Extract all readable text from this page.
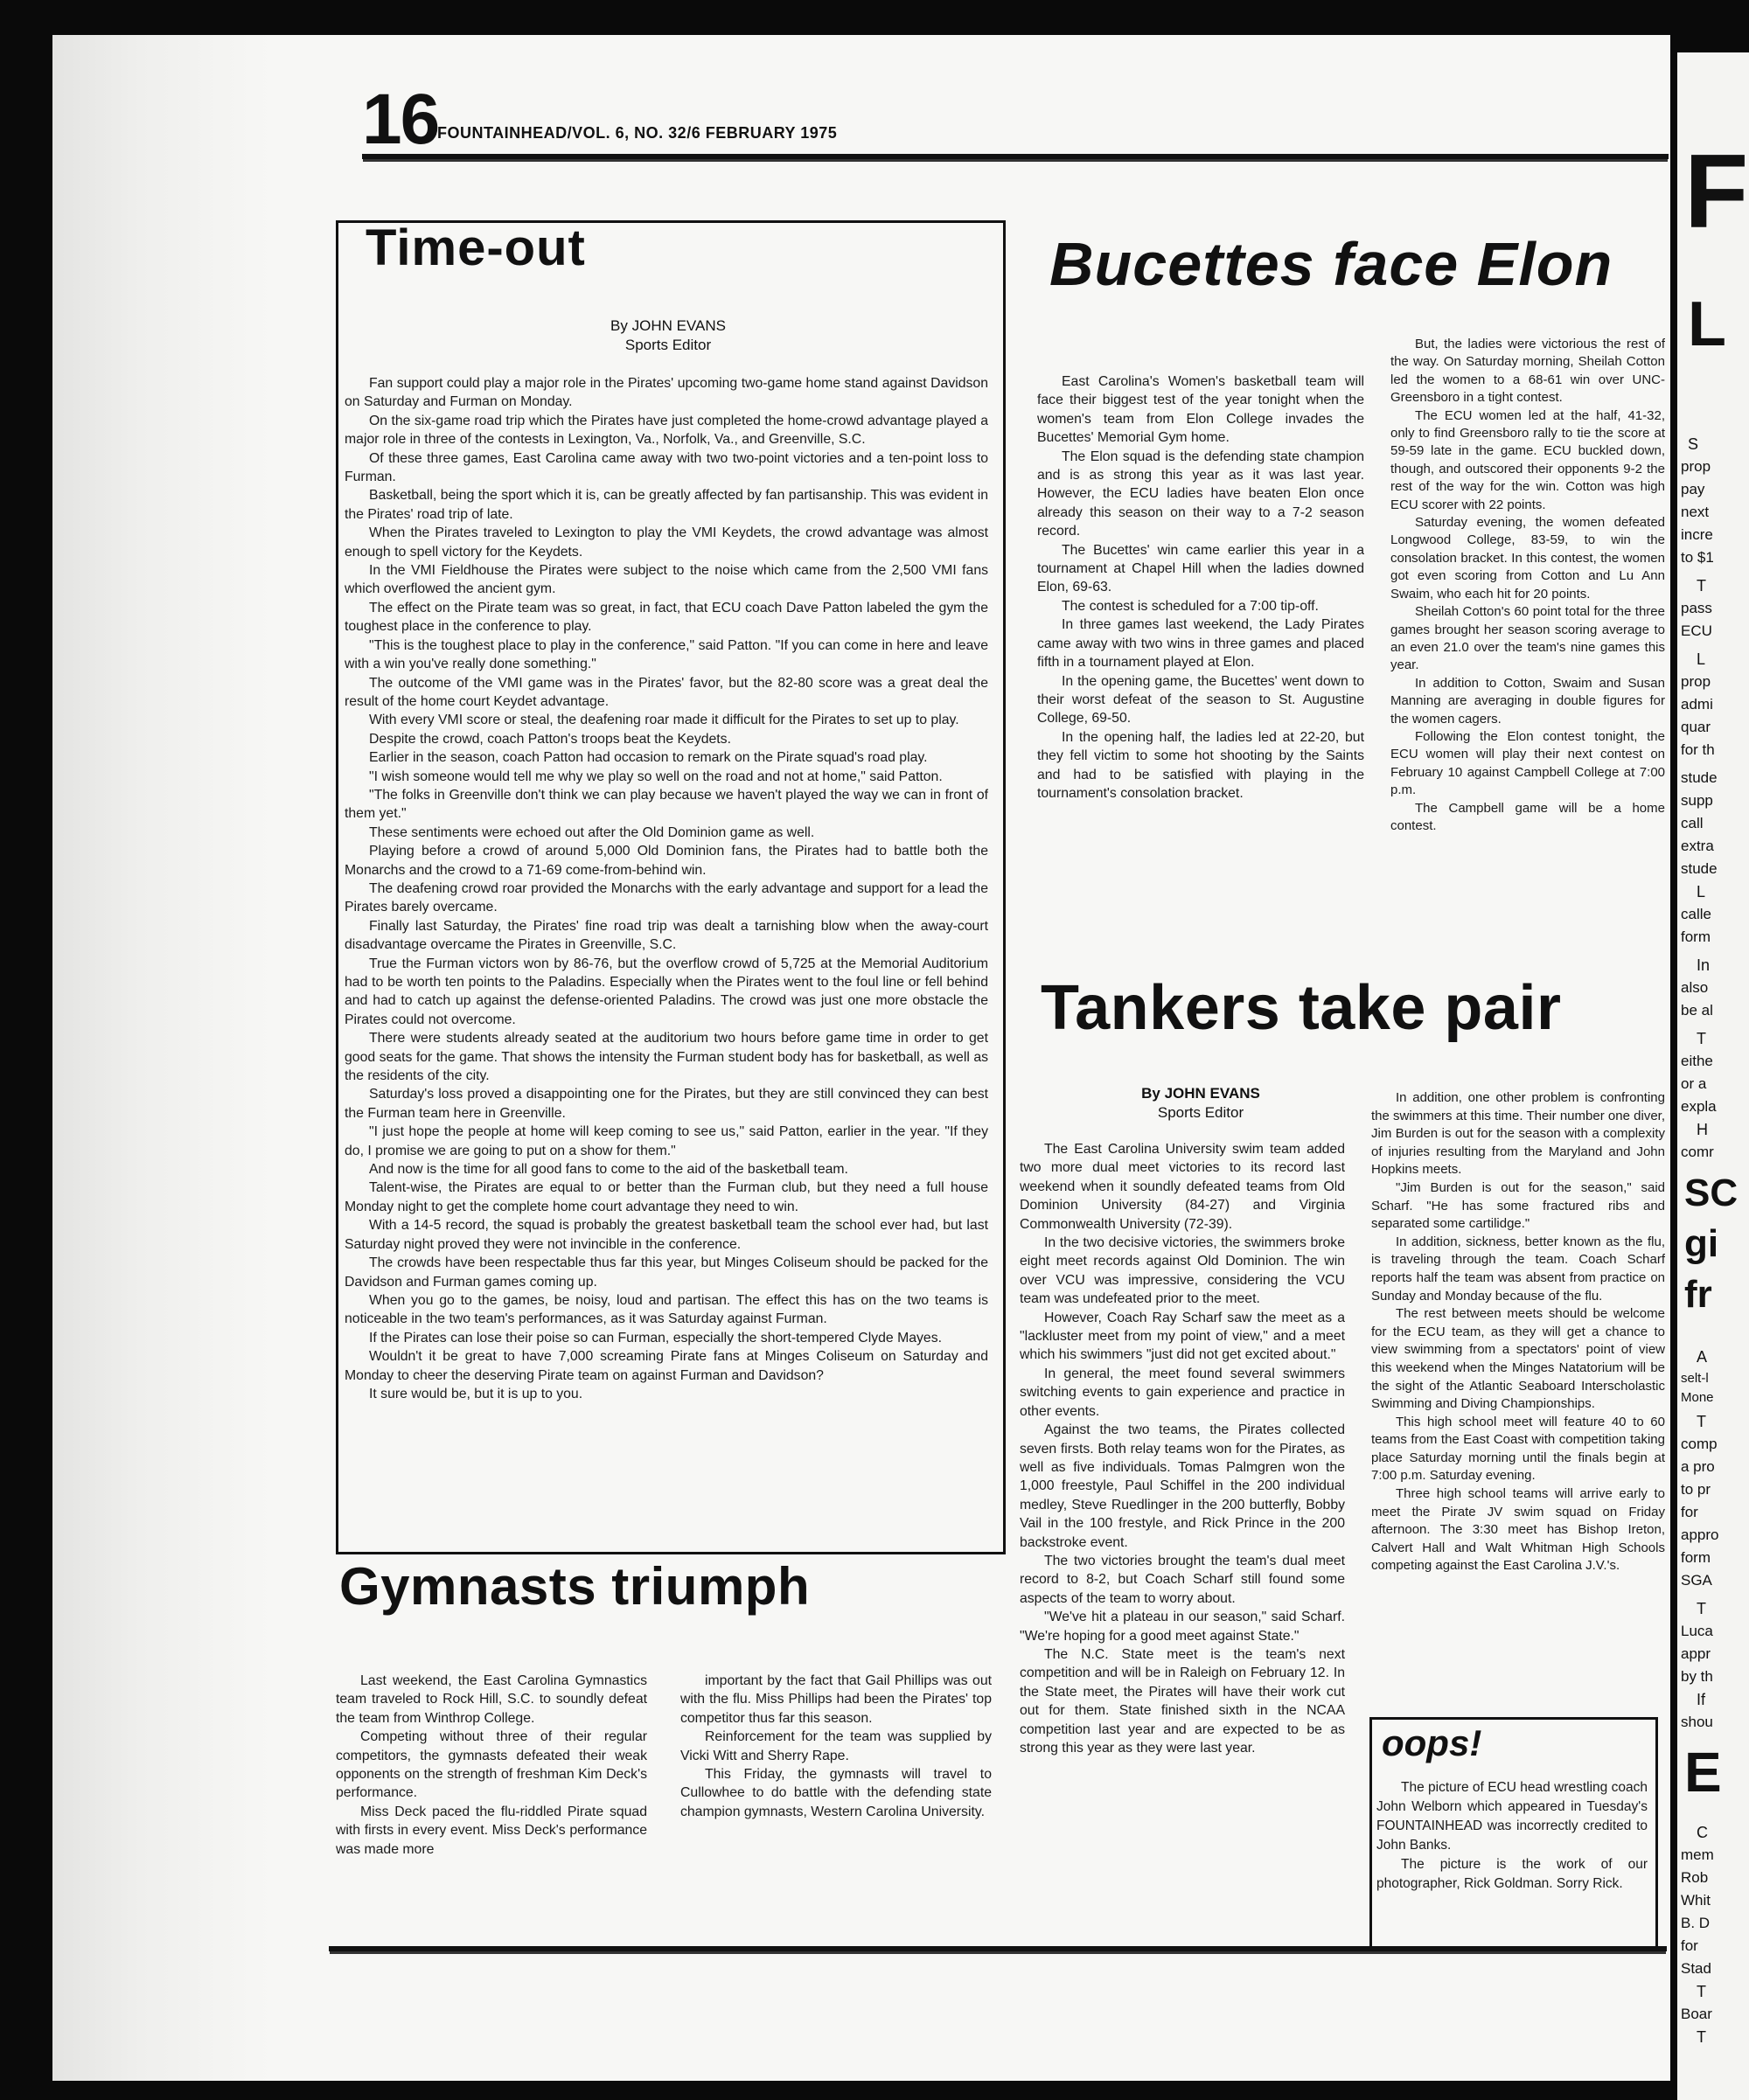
16
FOUNTAINHEAD/VOL. 6, NO. 32/6 FEBRUARY 1975
Time-out
By JOHN EVANS
Sports Editor

Fan support could play a major role in the Pirates' upcoming two-game home stand against Davidson on Saturday and Furman on Monday.

On the six-game road trip which the Pirates have just completed the home-crowd advantage played a major role in three of the contests in Lexington, Va., Norfolk, Va., and Greenville, S.C.

Of these three games, East Carolina came away with two two-point victories and a ten-point loss to Furman.

Basketball, being the sport which it is, can be greatly affected by fan partisanship. This was evident in the Pirates' road trip of late.

When the Pirates traveled to Lexington to play the VMI Keydets, the crowd advantage was almost enough to spell victory for the Keydets.

In the VMI Fieldhouse the Pirates were subject to the noise which came from the 2,500 VMI fans which overflowed the ancient gym.

The effect on the Pirate team was so great, in fact, that ECU coach Dave Patton labeled the gym the toughest place in the conference to play.

"This is the toughest place to play in the conference," said Patton. "If you can come in here and leave with a win you've really done something."

The outcome of the VMI game was in the Pirates' favor, but the 82-80 score was a great deal the result of the home court Keydet advantage.

With every VMI score or steal, the deafening roar made it difficult for the Pirates to set up to play.

Despite the crowd, coach Patton's troops beat the Keydets.

Earlier in the season, coach Patton had occasion to remark on the Pirate squad's road play.

"I wish someone would tell me why we play so well on the road and not at home," said Patton.

"The folks in Greenville don't think we can play because we haven't played the way we can in front of them yet."

These sentiments were echoed out after the Old Dominion game as well.

Playing before a crowd of around 5,000 Old Dominion fans, the Pirates had to battle both the Monarchs and the crowd to a 71-69 come-from-behind win.

The deafening crowd roar provided the Monarchs with the early advantage and support for a lead the Pirates barely overcame.

Finally last Saturday, the Pirates' fine road trip was dealt a tarnishing blow when the away-court disadvantage overcame the Pirates in Greenville, S.C.

True the Furman victors won by 86-76, but the overflow crowd of 5,725 at the Memorial Auditorium had to be worth ten points to the Paladins. Especially when the Pirates went to the foul line or fell behind and had to catch up against the defense-oriented Paladins. The crowd was just one more obstacle the Pirates could not overcome.

There were students already seated at the auditorium two hours before game time in order to get good seats for the game. That shows the intensity the Furman student body has for basketball, as well as the residents of the city.

Saturday's loss proved a disappointing one for the Pirates, but they are still convinced they can best the Furman team here in Greenville.

"I just hope the people at home will keep coming to see us," said Patton, earlier in the year. "If they do, I promise we are going to put on a show for them."

And now is the time for all good fans to come to the aid of the basketball team.

Talent-wise, the Pirates are equal to or better than the Furman club, but they need a full house Monday night to get the complete home court advantage they need to win.

With a 14-5 record, the squad is probably the greatest basketball team the school ever had, but last Saturday night proved they were not invincible in the conference.

The crowds have been respectable thus far this year, but Minges Coliseum should be packed for the Davidson and Furman games coming up.

When you go to the games, be noisy, loud and partisan. The effect this has on the two teams is noticeable in the two team's performances, as it was Saturday against Furman.

If the Pirates can lose their poise so can Furman, especially the short-tempered Clyde Mayes.

Wouldn't it be great to have 7,000 screaming Pirate fans at Minges Coliseum on Saturday and Monday to cheer the deserving Pirate team on against Furman and Davidson?

It sure would be, but it is up to you.

Bucettes face Elon

East Carolina's Women's basketball team will face their biggest test of the year tonight when the women's team from Elon College invades the Bucettes' Memorial Gym home.

The Elon squad is the defending state champion and is as strong this year as it was last year. However, the ECU ladies have beaten Elon once already this season on their way to a 7-2 season record.

The Bucettes' win came earlier this year in a tournament at Chapel Hill when the ladies downed Elon, 69-63.

The contest is scheduled for a 7:00 tip-off.

In three games last weekend, the Lady Pirates came away with two wins in three games and placed fifth in a tournament played at Elon.

In the opening game, the Bucettes' went down to their worst defeat of the season to St. Augustine College, 69-50.

In the opening half, the ladies led at 22-20, but they fell victim to some hot shooting by the Saints and had to be satisfied with playing in the tournament's consolation bracket.

But, the ladies were victorious the rest of the way. On Saturday morning, Sheilah Cotton led the women to a 68-61 win over UNC-Greensboro in a tight contest.

The ECU women led at the half, 41-32, only to find Greensboro rally to tie the score at 59-59 late in the game. ECU buckled down, though, and outscored their opponents 9-2 the rest of the way for the win. Cotton was high ECU scorer with 22 points.

Saturday evening, the women defeated Longwood College, 83-59, to win the consolation bracket. In this contest, the women got even scoring from Cotton and Lu Ann Swaim, who each hit for 20 points.

Sheilah Cotton's 60 point total for the three games brought her season scoring average to an even 21.0 over the team's nine games this year.

In addition to Cotton, Swaim and Susan Manning are averaging in double figures for the women cagers.

Following the Elon contest tonight, the ECU women will play their next contest on February 10 against Campbell College at 7:00 p.m.

The Campbell game will be a home contest.

Tankers take pair
By JOHN EVANS
Sports Editor

The East Carolina University swim team added two more dual meet victories to its record last weekend when it soundly defeated teams from Old Dominion University (84-27) and Virginia Commonwealth University (72-39).

In the two decisive victories, the swimmers broke eight meet records against Old Dominion. The win over VCU was impressive, considering the VCU team was undefeated prior to the meet.

However, Coach Ray Scharf saw the meet as a "lackluster meet from my point of view," and a meet which his swimmers "just did not get excited about."

In general, the meet found several swimmers switching events to gain experience and practice in other events.

Against the two teams, the Pirates collected seven firsts. Both relay teams won for the Pirates, as well as five individuals. Tomas Palmgren won the 1,000 freestyle, Paul Schiffel in the 200 individual medley, Steve Ruedlinger in the 200 butterfly, Bobby Vail in the 100 frestyle, and Rick Prince in the 200 backstroke event.

The two victories brought the team's dual meet record to 8-2, but Coach Scharf still found some aspects of the team to worry about.

"We've hit a plateau in our season," said Scharf. "We're hoping for a good meet against State."

The N.C. State meet is the team's next competition and will be in Raleigh on February 12. In the State meet, the Pirates will have their work cut out for them. State finished sixth in the NCAA competition last year and are expected to be as strong this year as they were last year.

In addition, one other problem is confronting the swimmers at this time. Their number one diver, Jim Burden is out for the season with a complexity of injuries resulting from the Maryland and John Hopkins meets.

"Jim Burden is out for the season," said Scharf. "He has some fractured ribs and separated some cartilidge."

In addition, sickness, better known as the flu, is traveling through the team. Coach Scharf reports half the team was absent from practice on Sunday and Monday because of the flu.

The rest between meets should be welcome for the ECU team, as they will get a chance to view swimming from a spectators' point of view this weekend when the Minges Natatorium will be the sight of the Atlantic Seaboard Interscholastic Swimming and Diving Championships.

This high school meet will feature 40 to 60 teams from the East Coast with competition taking place Saturday morning until the finals begin at 7:00 p.m. Saturday evening.

Three high school teams will arrive early to meet the Pirate JV swim squad on Friday afternoon. The 3:30 meet has Bishop Ireton, Calvert Hall and Walt Whitman High Schools competing against the East Carolina J.V.'s.

oops!

The picture of ECU head wrestling coach John Welborn which appeared in Tuesday's FOUNTAINHEAD was incorrectly credited to John Banks.

The picture is the work of our photographer, Rick Goldman. Sorry Rick.

Gymnasts triumph

Last weekend, the East Carolina Gymnastics team traveled to Rock Hill, S.C. to soundly defeat the team from Winthrop College.

Competing without three of their regular competitors, the gymnasts defeated their weak opponents on the strength of freshman Kim Deck's performance.

Miss Deck paced the flu-riddled Pirate squad with firsts in every event. Miss Deck's performance was made more

important by the fact that Gail Phillips was out with the flu. Miss Phillips had been the Pirates' top competitor thus far this season.

Reinforcement for the team was supplied by Vicki Witt and Sherry Rape.

This Friday, the gymnasts will travel to Cullowhee to do battle with the defending state champion gymnasts, Western Carolina University.

F
L
S
prop
pay
next
incre
to $1
T
pass
ECU
L
prop
admi
quar
for th
stude
supp
call
extra
stude
L
calle
form
In
also
be al
T
eithe
or a
expla
H
comr
SC
gi
fr
A
selt-l
Mone
T
comp
a pro
to pr
for
appro
form
SGA
T
Luca
appr
by th
If
shou
E
C
mem
Rob
Whit
B. D
for
Stad
T
Boar
T
